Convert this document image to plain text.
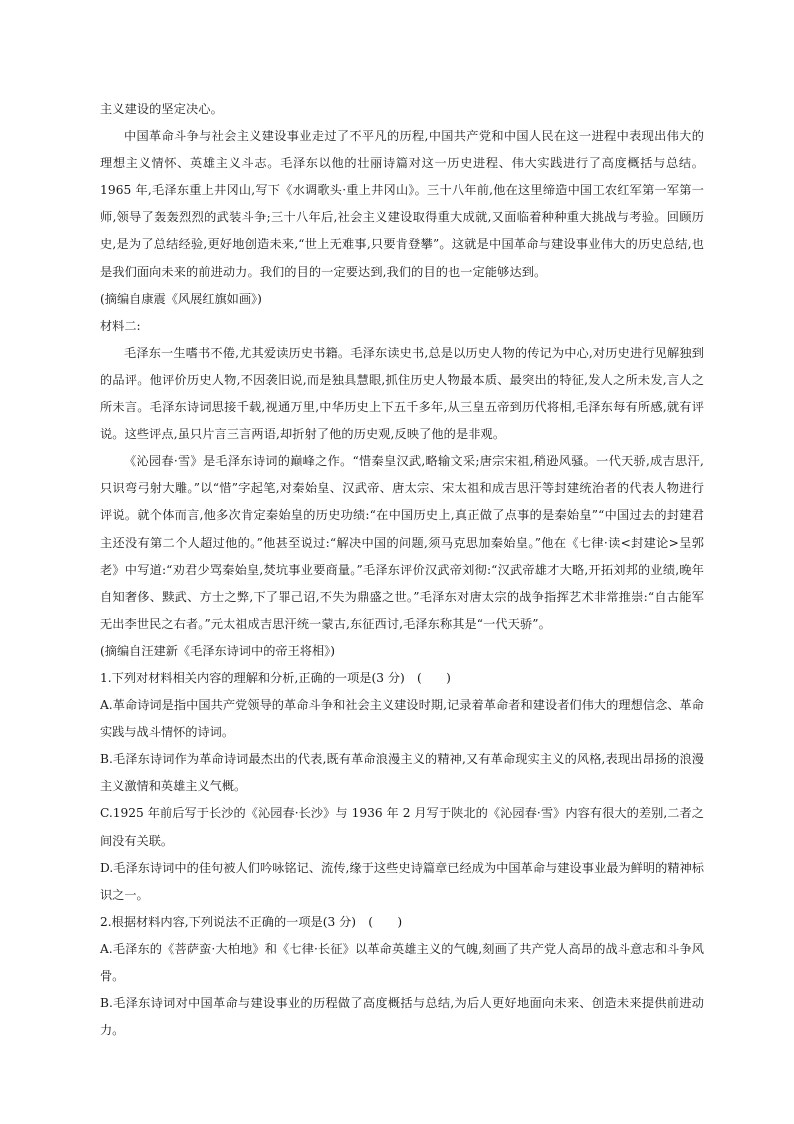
主义建设的坚定决心。

中国革命斗争与社会主义建设事业走过了不平凡的历程,中国共产党和中国人民在这一进程中表现出伟大的理想主义情怀、英雄主义斗志。毛泽东以他的壮丽诗篇对这一历史进程、伟大实践进行了高度概括与总结。1965 年,毛泽东重上井冈山,写下《水调歌头·重上井冈山》。三十八年前,他在这里缔造中国工农红军第一军第一师,领导了轰轰烈烈的武装斗争;三十八年后,社会主义建设取得重大成就,又面临着种种重大挑战与考验。回顾历史,是为了总结经验,更好地创造未来,“世上无难事,只要肯登攀”。这就是中国革命与建设事业伟大的历史总结,也是我们面向未来的前进动力。我们的目的一定要达到,我们的目的也一定能够达到。

(摘编自康震《风展红旗如画》)

材料二:

毛泽东一生嗜书不倦,尤其爱读历史书籍。毛泽东读史书,总是以历史人物的传记为中心,对历史进行见解独到的品评。他评价历史人物,不因袭旧说,而是独具慧眼,抓住历史人物最本质、最突出的特征,发人之所未发,言人之所未言。毛泽东诗词思接千载,视通万里,中华历史上下五千多年,从三皇五帝到历代将相,毛泽东每有所感,就有评说。这些评点,虽只片言三言两语,却折射了他的历史观,反映了他的是非观。

《沁园春·雪》是毛泽东诗词的巅峰之作。“惜秦皇汉武,略输文采;唐宗宋祖,稍逊风骚。一代天骄,成吉思汗,只识弯弓射大雕。”以“惜”字起笔,对秦始皇、汉武帝、唐太宗、宋太祖和成吉思汗等封建统治者的代表人物进行评说。就个体而言,他多次肯定秦始皇的历史功绩:“在中国历史上,真正做了点事的是秦始皇”“中国过去的封建君主还没有第二个人超过他的。”他甚至说过:“解决中国的问题,须马克思加秦始皇。”他在《七律·读<封建论>呈郭老》中写道:“劝君少骂秦始皇,焚坑事业要商量。”毛泽东评价汉武帝刘彻:“汉武帝雄才大略,开拓刘邦的业绩,晚年自知奢侈、黩武、方士之弊,下了罪己诏,不失为鼎盛之世。”毛泽东对唐太宗的战争指挥艺术非常推崇:“自古能军无出李世民之右者。”元太祖成吉思汗统一蒙古,东征西讨,毛泽东称其是“一代天骄”。

(摘编自汪建新《毛泽东诗词中的帝王将相》)

1.下列对材料相关内容的理解和分析,正确的一项是(3 分)　(　　)

A.革命诗词是指中国共产党领导的革命斗争和社会主义建设时期,记录着革命者和建设者们伟大的理想信念、革命实践与战斗情怀的诗词。

B.毛泽东诗词作为革命诗词最杰出的代表,既有革命浪漫主义的精神,又有革命现实主义的风格,表现出昂扬的浪漫主义激情和英雄主义气概。

C.1925 年前后写于长沙的《沁园春·长沙》与 1936 年 2 月写于陕北的《沁园春·雪》内容有很大的差别,二者之间没有关联。

D.毛泽东诗词中的佳句被人们吟咏铭记、流传,缘于这些史诗篇章已经成为中国革命与建设事业最为鲜明的精神标识之一。

2.根据材料内容,下列说法不正确的一项是(3 分)　(　　)

A.毛泽东的《菩萨蛮·大柏地》和《七律·长征》以革命英雄主义的气魄,刻画了共产党人高昂的战斗意志和斗争风骨。

B.毛泽东诗词对中国革命与建设事业的历程做了高度概括与总结,为后人更好地面向未来、创造未来提供前进动力。
